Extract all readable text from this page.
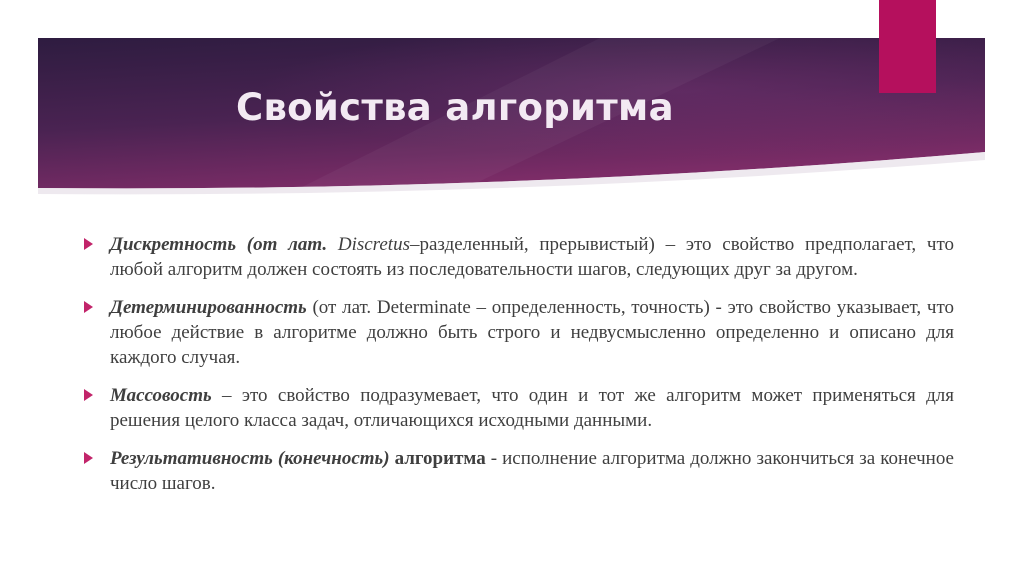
Свойства алгоритма
Дискретность (от лат. Discretus–разделенный, прерывистый) – это свойство предполагает, что любой алгоритм должен состоять из последовательности шагов, следующих друг за другом.
Детерминированность (от лат. Determinate – определенность, точность) - это свойство указывает, что любое действие в алгоритме должно быть строго и недвусмысленно определенно и описано для каждого случая.
Массовость – это свойство подразумевает, что один и тот же алгоритм может применяться для решения целого класса задач, отличающихся исходными данными.
Результативность (конечность) алгоритма - исполнение алгоритма должно закончиться за конечное число шагов.
